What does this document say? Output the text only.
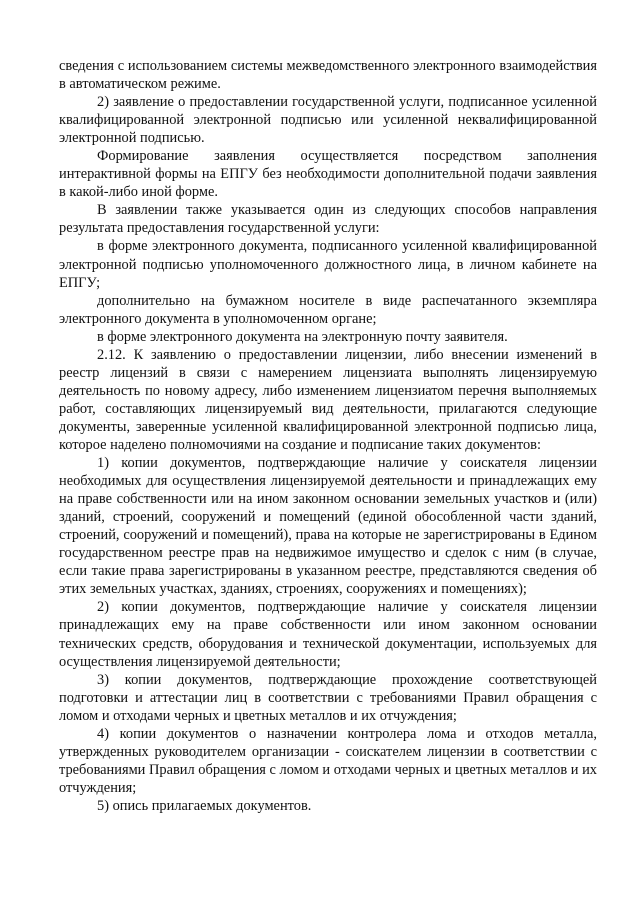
сведения с использованием системы межведомственного электронного взаимодействия в автоматическом режиме.

2) заявление о предоставлении государственной услуги, подписанное усиленной квалифицированной электронной подписью или усиленной неквалифицированной электронной подписью.

Формирование заявления осуществляется посредством заполнения интерактивной формы на ЕПГУ без необходимости дополнительной подачи заявления в какой-либо иной форме.

В заявлении также указывается один из следующих способов направления результата предоставления государственной услуги:

в форме электронного документа, подписанного усиленной квалифицированной электронной подписью уполномоченного должностного лица, в личном кабинете на ЕПГУ;

дополнительно на бумажном носителе в виде распечатанного экземпляра электронного документа в уполномоченном органе;

в форме электронного документа на электронную почту заявителя.

2.12. К заявлению о предоставлении лицензии, либо внесении изменений в реестр лицензий в связи с намерением лицензиата выполнять лицензируемую деятельность по новому адресу, либо изменением лицензиатом перечня выполняемых работ, составляющих лицензируемый вид деятельности, прилагаются следующие документы, заверенные усиленной квалифицированной электронной подписью лица, которое наделено полномочиями на создание и подписание таких документов:

1) копии документов, подтверждающие наличие у соискателя лицензии необходимых для осуществления лицензируемой деятельности и принадлежащих ему на праве собственности или на ином законном основании земельных участков и (или) зданий, строений, сооружений и помещений (единой обособленной части зданий, строений, сооружений и помещений), права на которые не зарегистрированы в Едином государственном реестре прав на недвижимое имущество и сделок с ним (в случае, если такие права зарегистрированы в указанном реестре, представляются сведения об этих земельных участках, зданиях, строениях, сооружениях и помещениях);

2) копии документов, подтверждающие наличие у соискателя лицензии принадлежащих ему на праве собственности или ином законном основании технических средств, оборудования и технической документации, используемых для осуществления лицензируемой деятельности;

3) копии документов, подтверждающие прохождение соответствующей подготовки и аттестации лиц в соответствии с требованиями Правил обращения с ломом и отходами черных и цветных металлов и их отчуждения;

4) копии документов о назначении контролера лома и отходов металла, утвержденных руководителем организации - соискателем лицензии в соответствии с требованиями Правил обращения с ломом и отходами черных и цветных металлов и их отчуждения;

5) опись прилагаемых документов.
